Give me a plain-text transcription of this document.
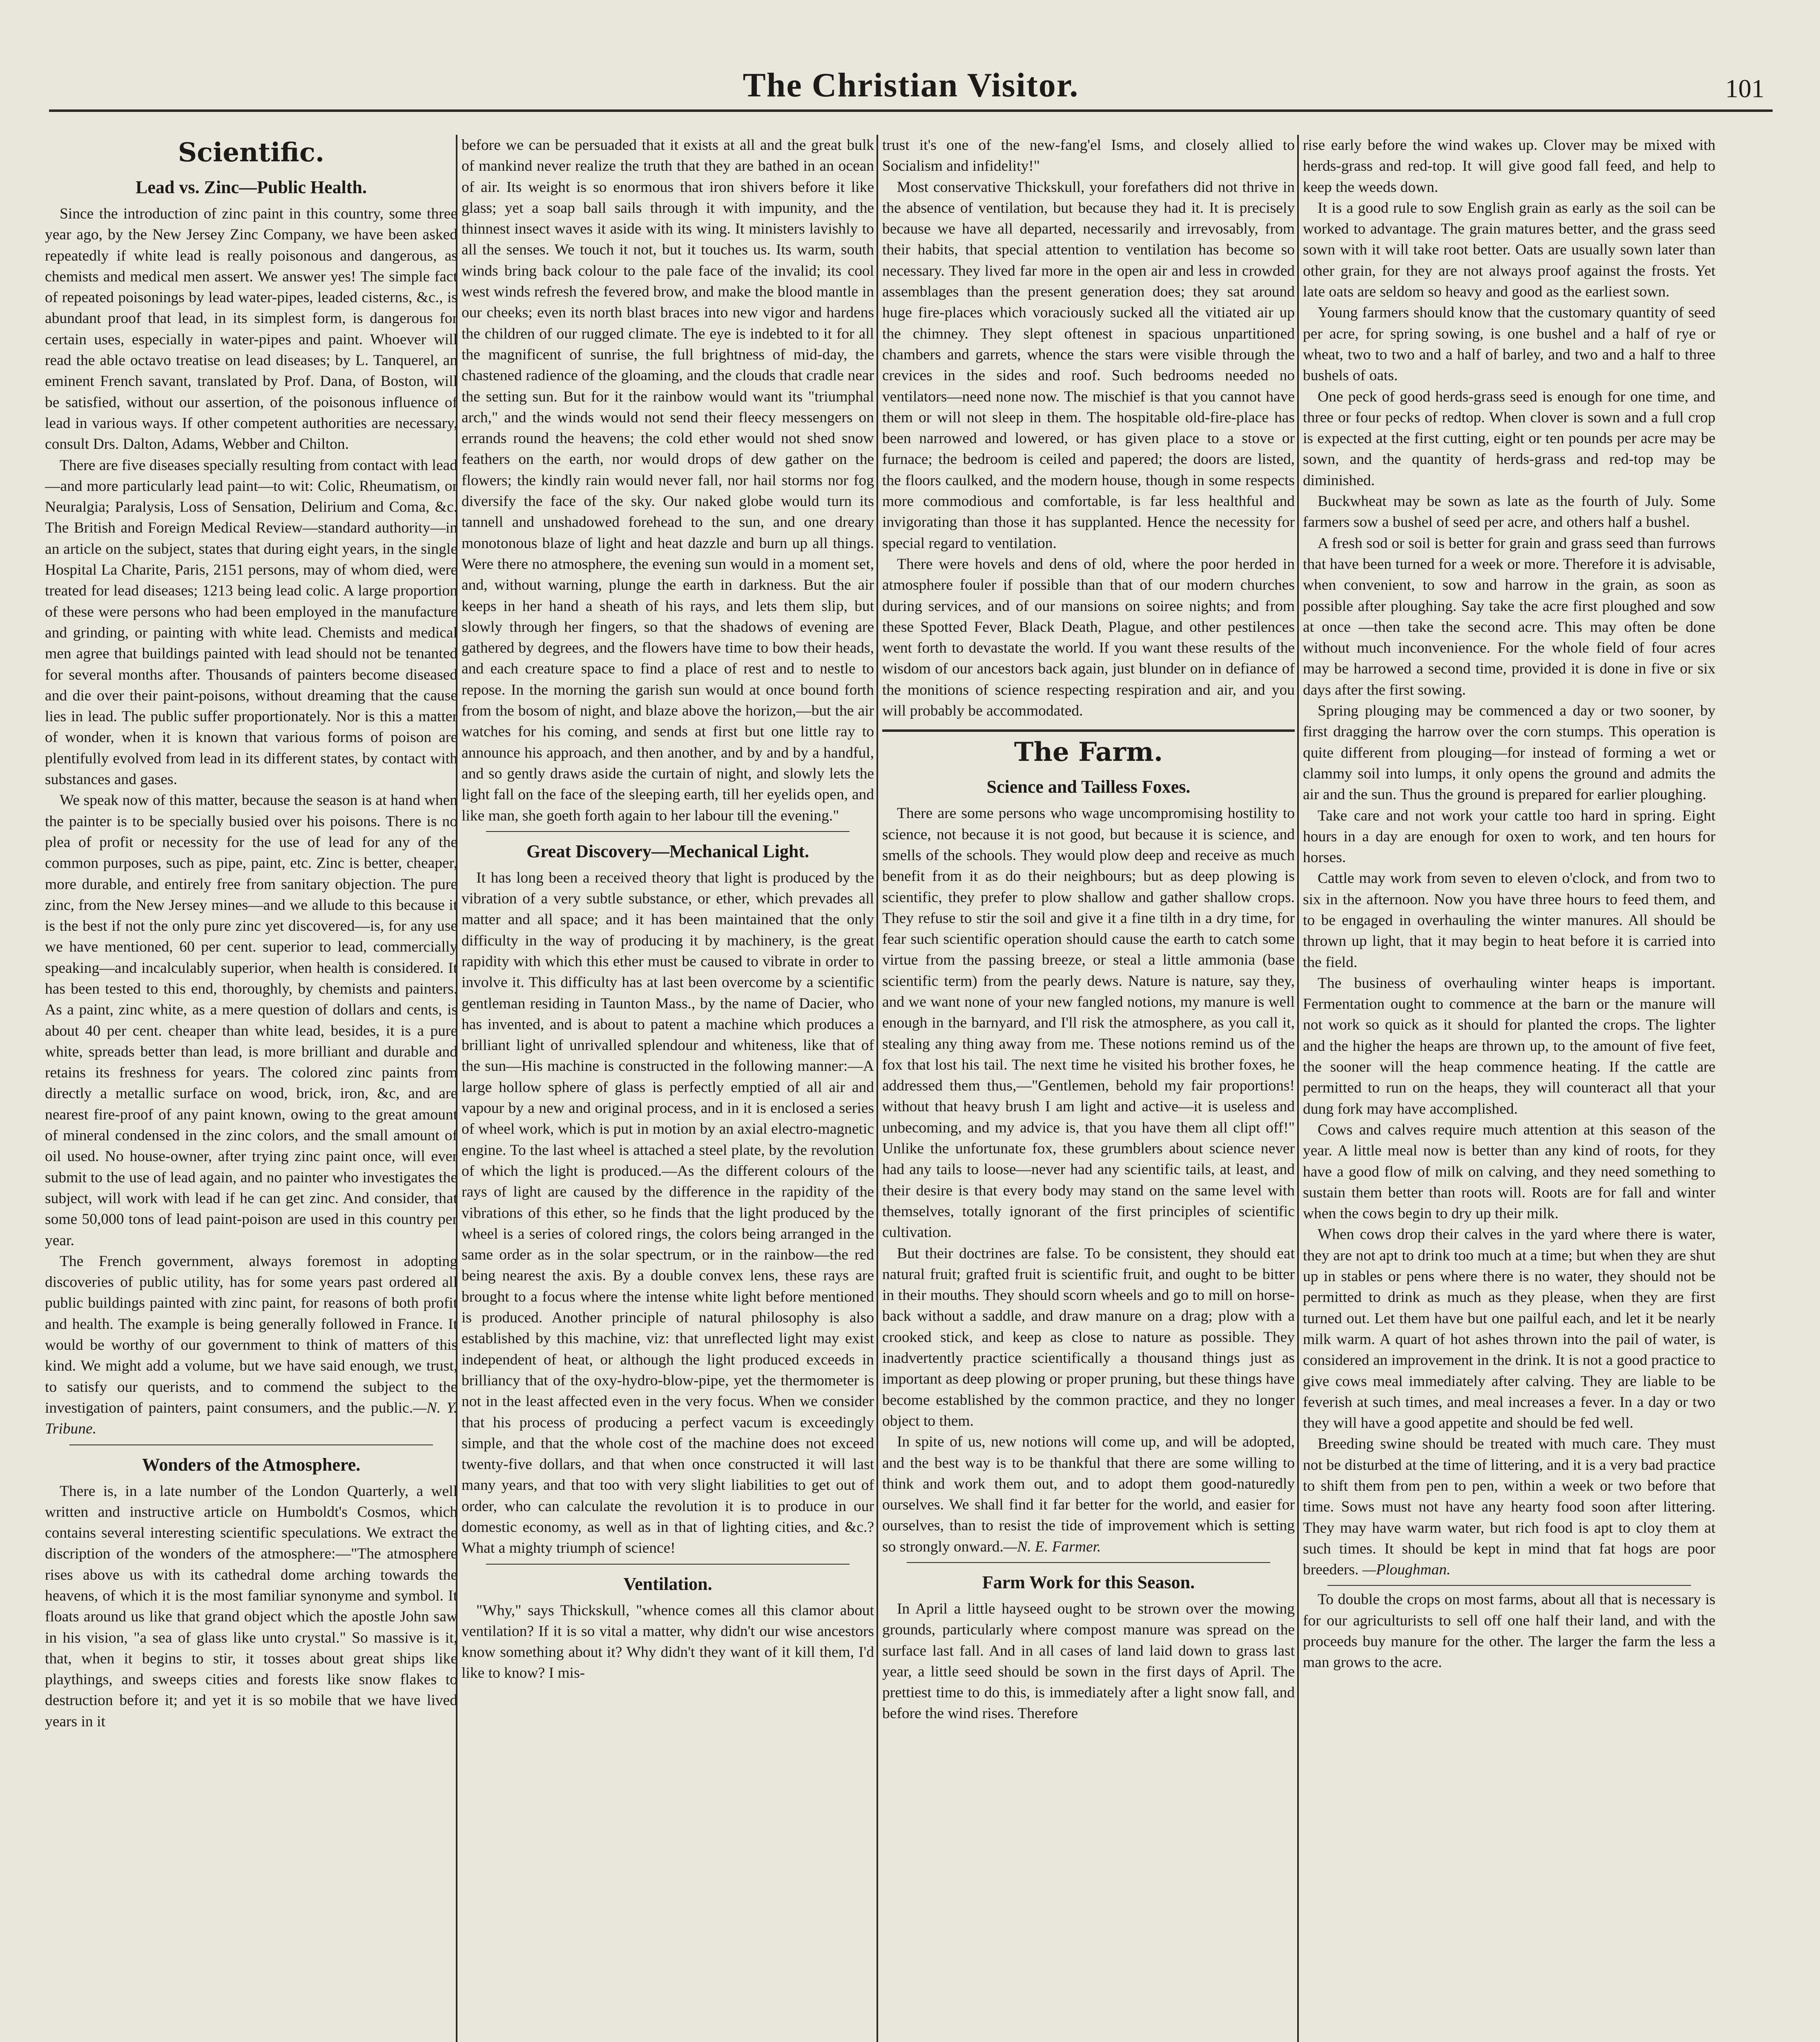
The Christian Visitor.	101
Scientific.
Lead vs. Zinc—Public Health.

Since the introduction of zinc paint in this country, some three year ago, by the New Jersey Zinc Company, we have been asked repeatedly if white lead is really poisonous and dangerous, as chemists and medical men assert. We answer yes! The simple fact of repeated poisonings by lead water-pipes, leaded cisterns, &c., is abundant proof that lead, in its simplest form, is dangerous for certain uses, especially in water-pipes and paint. Whoever will read the able octavo treatise on lead diseases; by L. Tanquerel, an eminent French savant, translated by Prof. Dana, of Boston, will be satisfied, without our assertion, of the poisonous influence of lead in various ways. If other competent authorities are necessary, consult Drs. Dalton, Adams, Webber and Chilton.

There are five diseases specially resulting from contact with lead—and more particularly lead paint—to wit: Colic, Rheumatism, or Neuralgia; Paralysis, Loss of Sensation, Delirium and Coma, &c. The British and Foreign Medical Review—standard authority—in an article on the subject, states that during eight years, in the single Hospital La Charite, Paris, 2151 persons, may of whom died, were treated for lead diseases; 1213 being lead colic. A large proportion of these were persons who had been employed in the manufacture and grinding, or painting with white lead. Chemists and medical men agree that buildings painted with lead should not be tenanted for several months after. Thousands of painters become diseased and die over their paint-poisons, without dreaming that the cause lies in lead. The public suffer proportionately. Nor is this a matter of wonder, when it is known that various forms of poison are plentifully evolved from lead in its different states, by contact with substances and gases.

We speak now of this matter, because the season is at hand when the painter is to be specially busied over his poisons. There is no plea of profit or necessity for the use of lead for any of the common purposes, such as pipe, paint, etc. Zinc is better, cheaper, more durable, and entirely free from sanitary objection. The pure zinc, from the New Jersey mines—and we allude to this because it is the best if not the only pure zinc yet discovered—is, for any use we have mentioned, 60 per cent. superior to lead, commercially speaking—and incalculably superior, when health is considered. It has been tested to this end, thoroughly, by chemists and painters. As a paint, zinc white, as a mere question of dollars and cents, is about 40 per cent. cheaper than white lead, besides, it is a pure white, spreads better than lead, is more brilliant and durable and retains its freshness for years. The colored zinc paints from directly a metallic surface on wood, brick, iron, &c, and are nearest fire-proof of any paint known, owing to the great amount of mineral condensed in the zinc colors, and the small amount of oil used. No house-owner, after trying zinc paint once, will ever submit to the use of lead again, and no painter who investigates the subject, will work with lead if he can get zinc. And consider, that some 50,000 tons of lead paint-poison are used in this country per year.

The French government, always foremost in adopting discoveries of public utility, has for some years past ordered all public buildings painted with zinc paint, for reasons of both profit and health. The example is being generally followed in France. It would be worthy of our government to think of matters of this kind. We might add a volume, but we have said enough, we trust, to satisfy our querists, and to commend the subject to the investigation of painters, paint consumers, and the public.—N. Y. Tribune.

Wonders of the Atmosphere.

There is, in a late number of the London Quarterly, a well written and instructive article on Humboldt's Cosmos, which contains several interesting scientific speculations. We extract the discription of the wonders of the atmosphere:—"The atmosphere rises above us with its cathedral dome arching towards the heavens, of which it is the most familiar synonyme and symbol. It floats around us like that grand object which the apostle John saw in his vision, "a sea of glass like unto crystal." So massive is it, that, when it begins to stir, it tosses about great ships like playthings, and sweeps cities and forests like snow flakes to destruction before it; and yet it is so mobile that we have lived years in it

before we can be persuaded that it exists at all and the great bulk of mankind never realize the truth that they are bathed in an ocean of air. Its weight is so enormous that iron shivers before it like glass; yet a soap ball sails through it with impunity, and the thinnest insect waves it aside with its wing. It ministers lavishly to all the senses. We touch it not, but it touches us. Its warm, south winds bring back colour to the pale face of the invalid; its cool west winds refresh the fevered brow, and make the blood mantle in our cheeks; even its north blast braces into new vigor and hardens the children of our rugged climate. The eye is indebted to it for all the magnificent of sunrise, the full brightness of mid-day, the chastened radience of the gloaming, and the clouds that cradle near the setting sun. But for it the rainbow would want its "triumphal arch," and the winds would not send their fleecy messengers on errands round the heavens; the cold ether would not shed snow feathers on the earth, nor would drops of dew gather on the flowers; the kindly rain would never fall, nor hail storms nor fog diversify the face of the sky. Our naked globe would turn its tannell and unshadowed forehead to the sun, and one dreary monotonous blaze of light and heat dazzle and burn up all things. Were there no atmosphere, the evening sun would in a moment set, and, without warning, plunge the earth in darkness. But the air keeps in her hand a sheath of his rays, and lets them slip, but slowly through her fingers, so that the shadows of evening are gathered by degrees, and the flowers have time to bow their heads, and each creature space to find a place of rest and to nestle to repose. In the morning the garish sun would at once bound forth from the bosom of night, and blaze above the horizon,—but the air watches for his coming, and sends at first but one little ray to announce his approach, and then another, and by and by a handful, and so gently draws aside the curtain of night, and slowly lets the light fall on the face of the sleeping earth, till her eyelids open, and like man, she goeth forth again to her labour till the evening."

Great Discovery—Mechanical Light.

It has long been a received theory that light is produced by the vibration of a very subtle substance, or ether, which prevades all matter and all space; and it has been maintained that the only difficulty in the way of producing it by machinery, is the great rapidity with which this ether must be caused to vibrate in order to involve it. This difficulty has at last been overcome by a scientific gentleman residing in Taunton Mass., by the name of Dacier, who has invented, and is about to patent a machine which produces a brilliant light of unrivalled splendour and whiteness, like that of the sun—His machine is constructed in the following manner:—A large hollow sphere of glass is perfectly emptied of all air and vapour by a new and original process, and in it is enclosed a series of wheel work, which is put in motion by an axial electro-magnetic engine. To the last wheel is attached a steel plate, by the revolution of which the light is produced.—As the different colours of the rays of light are caused by the difference in the rapidity of the vibrations of this ether, so he finds that the light produced by the wheel is a series of colored rings, the colors being arranged in the same order as in the solar spectrum, or in the rainbow—the red being nearest the axis. By a double convex lens, these rays are brought to a focus where the intense white light before mentioned is produced. Another principle of natural philosophy is also established by this machine, viz: that unreflected light may exist independent of heat, or although the light produced exceeds in brilliancy that of the oxy-hydro-blow-pipe, yet the thermometer is not in the least affected even in the very focus. When we consider that his process of producing a perfect vacum is exceedingly simple, and that the whole cost of the machine does not exceed twenty-five dollars, and that when once constructed it will last many years, and that too with very slight liabilities to get out of order, who can calculate the revolution it is to produce in our domestic economy, as well as in that of lighting cities, and &c.? What a mighty triumph of science!

Ventilation.

"Why," says Thickskull, "whence comes all this clamor about ventilation? If it is so vital a matter, why didn't our wise ancestors know something about it? Why didn't they want of it kill them, I'd like to know? I mis-

trust it's one of the new-fang'el Isms, and closely allied to Socialism and infidelity!"

Most conservative Thickskull, your forefathers did not thrive in the absence of ventilation, but because they had it. It is precisely because we have all departed, necessarily and irrevosably, from their habits, that special attention to ventilation has become so necessary. They lived far more in the open air and less in crowded assemblages than the present generation does; they sat around huge fire-places which voraciously sucked all the vitiated air up the chimney. They slept oftenest in spacious unpartitioned chambers and garrets, whence the stars were visible through the crevices in the sides and roof. Such bedrooms needed no ventilators—need none now. The mischief is that you cannot have them or will not sleep in them. The hospitable old-fire-place has been narrowed and lowered, or has given place to a stove or furnace; the bedroom is ceiled and papered; the doors are listed, the floors caulked, and the modern house, though in some respects more commodious and comfortable, is far less healthful and invigorating than those it has supplanted. Hence the necessity for special regard to ventilation.

There were hovels and dens of old, where the poor herded in atmosphere fouler if possible than that of our modern churches during services, and of our mansions on soiree nights; and from these Spotted Fever, Black Death, Plague, and other pestilences went forth to devastate the world. If you want these results of the wisdom of our ancestors back again, just blunder on in defiance of the monitions of science respecting respiration and air, and you will probably be accommodated.

The Farm.
Science and Tailless Foxes.

There are some persons who wage uncompromising hostility to science, not because it is not good, but because it is science, and smells of the schools. They would plow deep and receive as much benefit from it as do their neighbours; but as deep plowing is scientific, they prefer to plow shallow and gather shallow crops. They refuse to stir the soil and give it a fine tilth in a dry time, for fear such scientific operation should cause the earth to catch some virtue from the passing breeze, or steal a little ammonia (base scientific term) from the pearly dews. Nature is nature, say they, and we want none of your new fangled notions, my manure is well enough in the barnyard, and I'll risk the atmosphere, as you call it, stealing any thing away from me. These notions remind us of the fox that lost his tail. The next time he visited his brother foxes, he addressed them thus,—"Gentlemen, behold my fair proportions! without that heavy brush I am light and active—it is useless and unbecoming, and my advice is, that you have them all clipt off!" Unlike the unfortunate fox, these grumblers about science never had any tails to loose—never had any scientific tails, at least, and their desire is that every body may stand on the same level with themselves, totally ignorant of the first principles of scientific cultivation.

But their doctrines are false. To be consistent, they should eat natural fruit; grafted fruit is scientific fruit, and ought to be bitter in their mouths. They should scorn wheels and go to mill on horse-back without a saddle, and draw manure on a drag; plow with a crooked stick, and keep as close to nature as possible. They inadvertently practice scientifically a thousand things just as important as deep plowing or proper pruning, but these things have become established by the common practice, and they no longer object to them.

In spite of us, new notions will come up, and will be adopted, and the best way is to be thankful that there are some willing to think and work them out, and to adopt them good-naturedly ourselves. We shall find it far better for the world, and easier for ourselves, than to resist the tide of improvement which is setting so strongly onward.—N. E. Farmer.

Farm Work for this Season.

In April a little hayseed ought to be strown over the mowing grounds, particularly where compost manure was spread on the surface last fall. And in all cases of land laid down to grass last year, a little seed should be sown in the first days of April. The prettiest time to do this, is immediately after a light snow fall, and before the wind rises. Therefore

rise early before the wind wakes up. Clover may be mixed with herds-grass and red-top. It will give good fall feed, and help to keep the weeds down.

It is a good rule to sow English grain as early as the soil can be worked to advantage. The grain matures better, and the grass seed sown with it will take root better. Oats are usually sown later than other grain, for they are not always proof against the frosts. Yet late oats are seldom so heavy and good as the earliest sown.

Young farmers should know that the customary quantity of seed per acre, for spring sowing, is one bushel and a half of rye or wheat, two to two and a half of barley, and two and a half to three bushels of oats.

One peck of good herds-grass seed is enough for one time, and three or four pecks of redtop. When clover is sown and a full crop is expected at the first cutting, eight or ten pounds per acre may be sown, and the quantity of herds-grass and red-top may be diminished.

Buckwheat may be sown as late as the fourth of July. Some farmers sow a bushel of seed per acre, and others half a bushel.

A fresh sod or soil is better for grain and grass seed than furrows that have been turned for a week or more. Therefore it is advisable, when convenient, to sow and harrow in the grain, as soon as possible after ploughing. Say take the acre first ploughed and sow at once —then take the second acre. This may often be done without much inconvenience. For the whole field of four acres may be harrowed a second time, provided it is done in five or six days after the first sowing.

Spring plouging may be commenced a day or two sooner, by first dragging the harrow over the corn stumps. This operation is quite different from plouging—for instead of forming a wet or clammy soil into lumps, it only opens the ground and admits the air and the sun. Thus the ground is prepared for earlier ploughing.

Take care and not work your cattle too hard in spring. Eight hours in a day are enough for oxen to work, and ten hours for horses.

Cattle may work from seven to eleven o'clock, and from two to six in the afternoon. Now you have three hours to feed them, and to be engaged in overhauling the winter manures. All should be thrown up light, that it may begin to heat before it is carried into the field.

The business of overhauling winter heaps is important. Fermentation ought to commence at the barn or the manure will not work so quick as it should for planted the crops. The lighter and the higher the heaps are thrown up, to the amount of five feet, the sooner will the heap commence heating. If the cattle are permitted to run on the heaps, they will counteract all that your dung fork may have accomplished.

Cows and calves require much attention at this season of the year. A little meal now is better than any kind of roots, for they have a good flow of milk on calving, and they need something to sustain them better than roots will. Roots are for fall and winter when the cows begin to dry up their milk.

When cows drop their calves in the yard where there is water, they are not apt to drink too much at a time; but when they are shut up in stables or pens where there is no water, they should not be permitted to drink as much as they please, when they are first turned out. Let them have but one pailful each, and let it be nearly milk warm. A quart of hot ashes thrown into the pail of water, is considered an improvement in the drink. It is not a good practice to give cows meal immediately after calving. They are liable to be feverish at such times, and meal increases a fever. In a day or two they will have a good appetite and should be fed well.

Breeding swine should be treated with much care. They must not be disturbed at the time of littering, and it is a very bad practice to shift them from pen to pen, within a week or two before that time. Sows must not have any hearty food soon after littering. They may have warm water, but rich food is apt to cloy them at such times. It should be kept in mind that fat hogs are poor breeders. —Ploughman.

To double the crops on most farms, about all that is necessary is for our agriculturists to sell off one half their land, and with the proceeds buy manure for the other. The larger the farm the less a man grows to the acre.
